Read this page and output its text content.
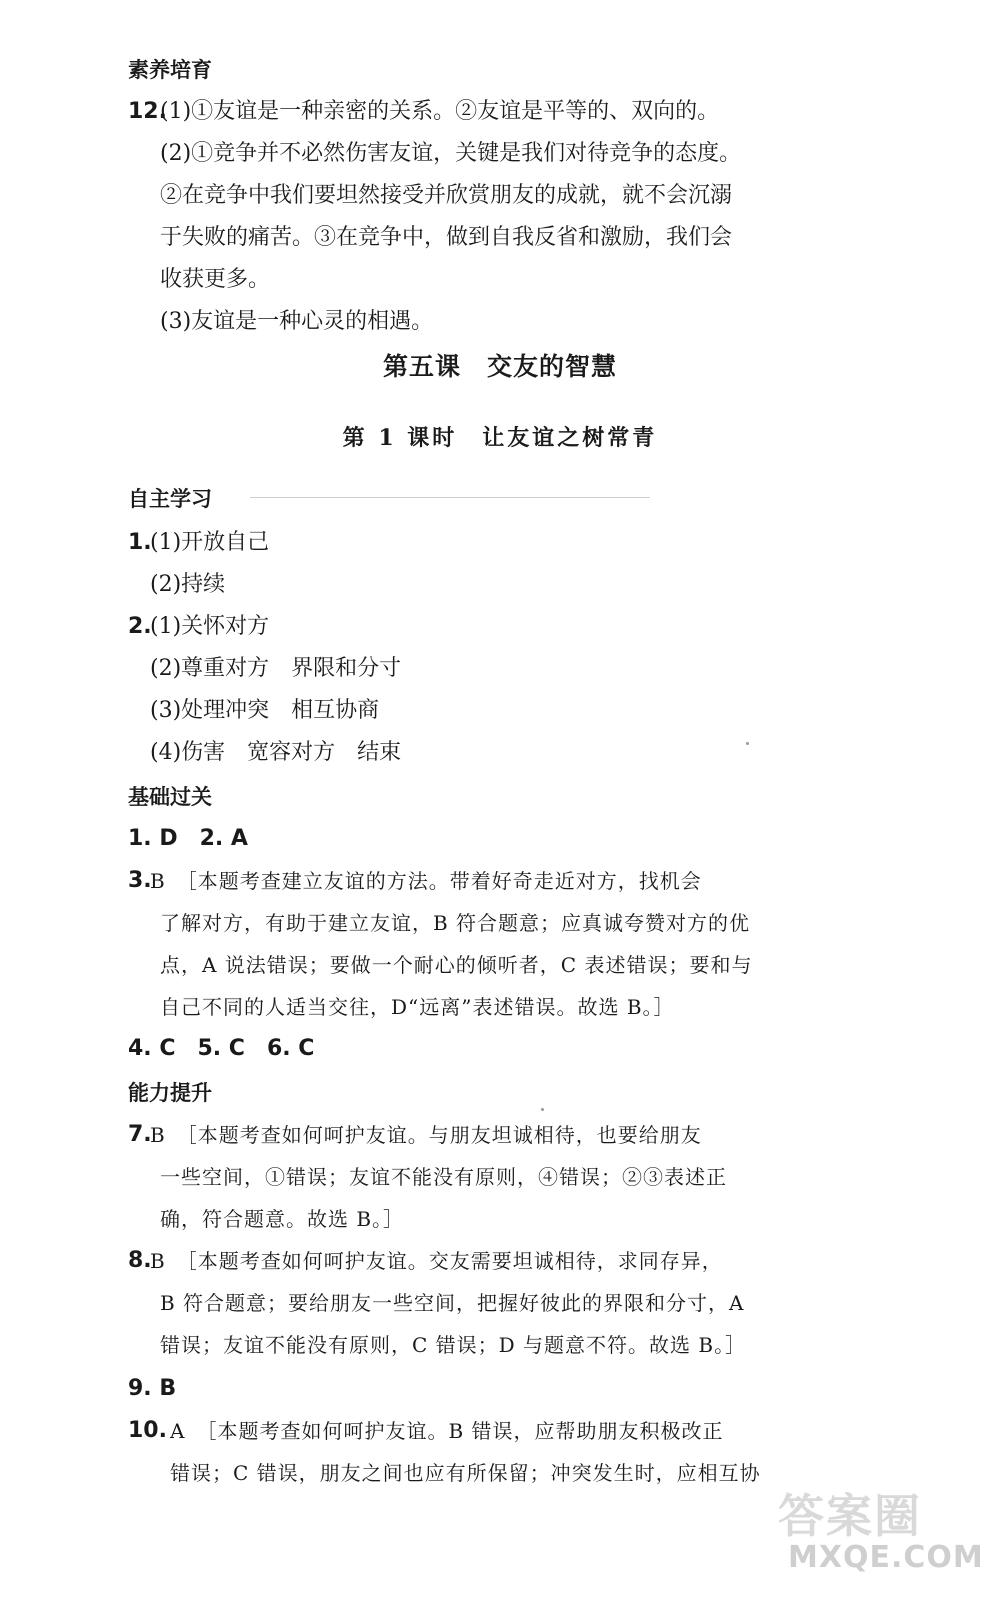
素养培育
12.
(1)①友谊是一种亲密的关系。②友谊是平等的、双向的。
(2)①竞争并不必然伤害友谊，关键是我们对待竞争的态度。
②在竞争中我们要坦然接受并欣赏朋友的成就，就不会沉溺
于失败的痛苦。③在竞争中，做到自我反省和激励，我们会
收获更多。
(3)友谊是一种心灵的相遇。
第五课　交友的智慧
第 1 课时　让友谊之树常青
自主学习
1.
(1)开放自己
(2)持续
2.
(1)关怀对方
(2)尊重对方　界限和分寸
(3)处理冲突　相互协商
(4)伤害　宽容对方　结束
基础过关
1. D　2. A
3.
B　［本题考查建立友谊的方法。带着好奇走近对方，找机会
了解对方，有助于建立友谊，B 符合题意；应真诚夸赞对方的优
点，A 说法错误；要做一个耐心的倾听者，C 表述错误；要和与
自己不同的人适当交往，D“远离”表述错误。故选 B。］
4. C　5. C　6. C
能力提升
7.
B　［本题考查如何呵护友谊。与朋友坦诚相待，也要给朋友
一些空间，①错误；友谊不能没有原则，④错误；②③表述正
确，符合题意。故选 B。］
8.
B　［本题考查如何呵护友谊。交友需要坦诚相待，求同存异，
B 符合题意；要给朋友一些空间，把握好彼此的界限和分寸，A
错误；友谊不能没有原则，C 错误；D 与题意不符。故选 B。］
9. B
10. A　［本题考查如何呵护友谊。B 错误，应帮助朋友积极改正
错误；C 错误，朋友之间也应有所保留；冲突发生时，应相互协
答案圈
MXQE.COM
